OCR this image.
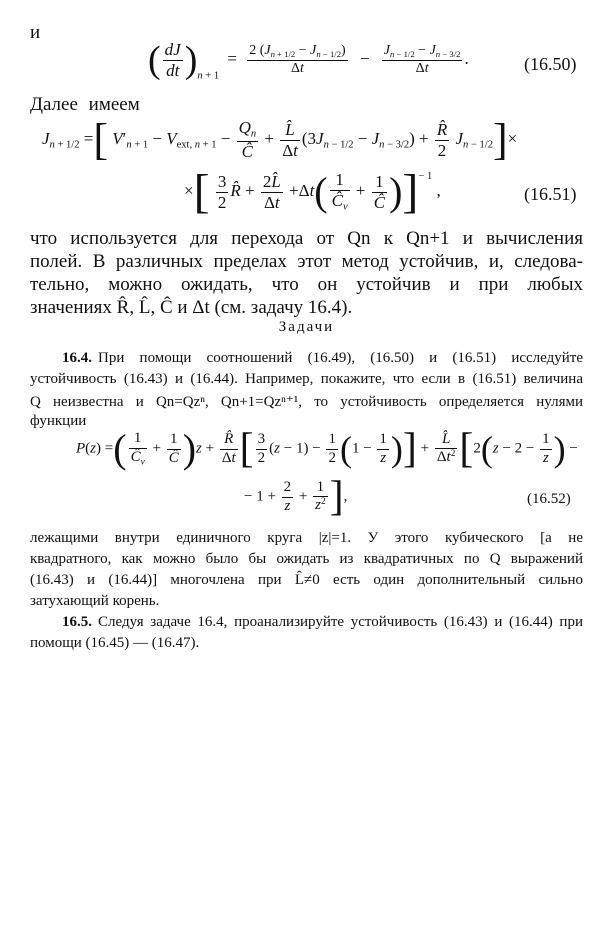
и
( $\frac{dJ}{dt} )_{n + 1} = \frac{2 (J_{n + 1/2} - J_{n - 1/2})}{\Delta t} - \frac{J_{n - 1/2} - J_{n - 3/2}}{\Delta t}$ .	(16.50)
Далее имеем
$J_{n + 1/2}$ =[ $V'_{n + 1} - V_{ext, n + 1} - \frac{Q_n}{Ĉ} + \frac{L̂}{\Delta t} (3J_{n - 1/2} - J_{n - 3/2}) + \frac{R̂}{2} J_{n - 1/2}]\times$
×[ $\frac{3}{2}$ R̂ + $\frac{2L̂}{\Delta t} +\Delta t( \frac{1}{Ĉ_v} + \frac{1}{Ĉ} )]^{- 1}$ ,	(16.51)
что используется для перехода от Qn к Qn+1 и вычисления
полей. В различных пределах этот метод устойчив, и, следова-
тельно, можно ожидать, что он устойчив и при любых
значениях R̂, L̂, Ĉ и Δt (см. задачу 16.4).
Задачи
16.4. При помощи соотношений (16.49), (16.50) и (16.51) исследуйте
устойчивость (16.43) и (16.44). Например, покажите, что если в (16.51) величина
Q неизвестна и Qn=Qzⁿ, Qn+1=Qzⁿ⁺¹, то устойчивость определяется нулями
функции
P(z) =( $\frac{1}{Ĉ_v} + \frac{1}{Ĉ} )z + \frac{R̂}{\Delta t}$ [ $\frac{3}{2} (z - 1) - \frac{1}{2} (1 - \frac{1}{z}$ )] + $\frac{L̂}{\Delta t^2} [2(z - 2 - \frac{1}{z}$ ) −
− $1 + \frac{2}{z} + \frac{1}{z^2}$ ],	(16.52)
лежащими внутри единичного круга |z|=1. У этого кубического [а не
квадратного, как можно было бы ожидать из квадратичных по Q выражений
(16.43) и (16.44)] многочлена при L̂≠0 есть один дополнительный сильно
затухающий корень.
16.5. Следуя задаче 16.4, проанализируйте устойчивость (16.43) и (16.44) при
помощи (16.45) — (16.47).
